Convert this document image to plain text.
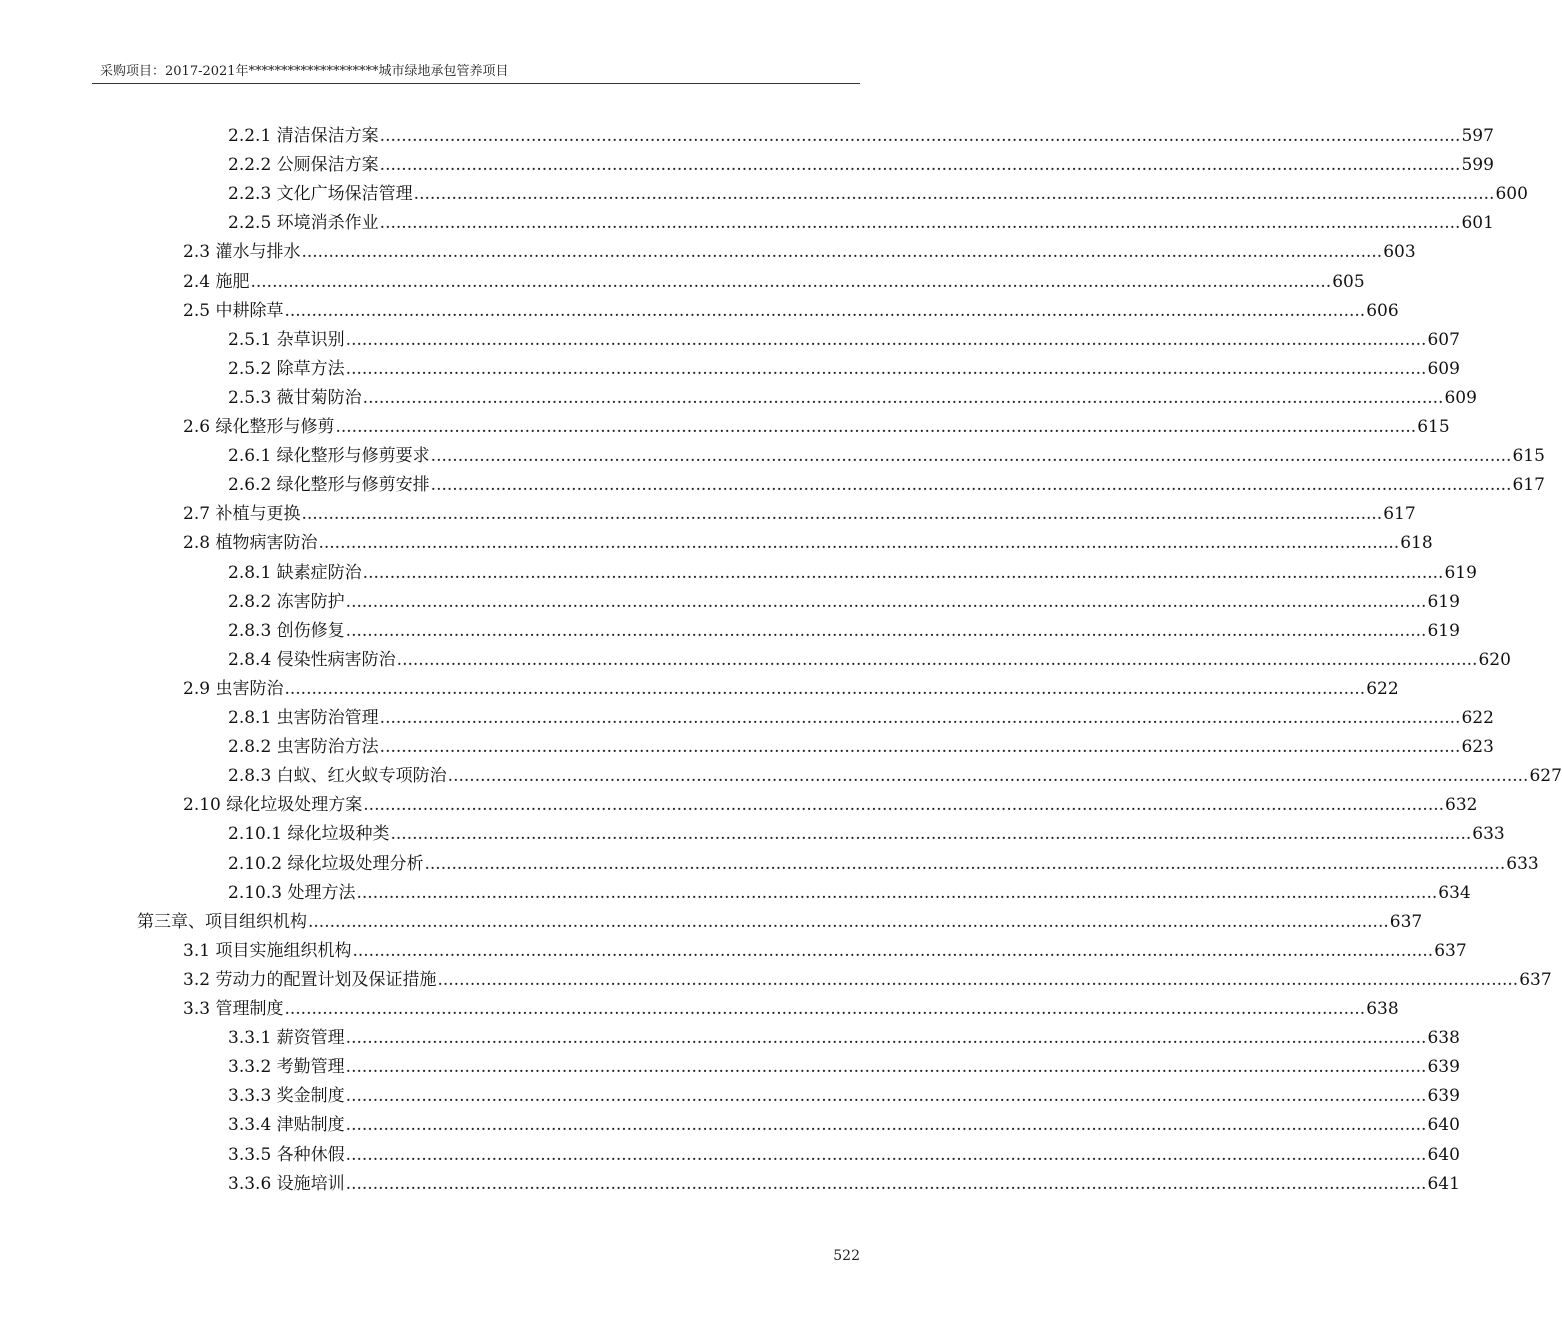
采购项目：2017-2021年********************城市绿地承包管养项目
2.2.1 清洁保洁方案 ........................................................................................................................................................................................................ 597
2.2.2 公厕保洁方案 ........................................................................................................................................................................................................ 599
2.2.3 文化广场保洁管理 ........................................................................................................................................................................................................ 600
2.2.5 环境消杀作业 ........................................................................................................................................................................................................ 601
2.3 灌水与排水 ........................................................................................................................................................................................................ 603
2.4 施肥 ........................................................................................................................................................................................................ 605
2.5 中耕除草 ........................................................................................................................................................................................................ 606
2.5.1 杂草识别 ........................................................................................................................................................................................................ 607
2.5.2 除草方法 ........................................................................................................................................................................................................ 609
2.5.3 薇甘菊防治 ........................................................................................................................................................................................................ 609
2.6 绿化整形与修剪 ........................................................................................................................................................................................................ 615
2.6.1 绿化整形与修剪要求 ........................................................................................................................................................................................................ 615
2.6.2 绿化整形与修剪安排 ........................................................................................................................................................................................................ 617
2.7 补植与更换 ........................................................................................................................................................................................................ 617
2.8 植物病害防治 ........................................................................................................................................................................................................ 618
2.8.1 缺素症防治 ........................................................................................................................................................................................................ 619
2.8.2 冻害防护 ........................................................................................................................................................................................................ 619
2.8.3 创伤修复 ........................................................................................................................................................................................................ 619
2.8.4 侵染性病害防治 ........................................................................................................................................................................................................ 620
2.9 虫害防治 ........................................................................................................................................................................................................ 622
2.8.1 虫害防治管理 ........................................................................................................................................................................................................ 622
2.8.2 虫害防治方法 ........................................................................................................................................................................................................ 623
2.8.3 白蚁、红火蚁专项防治 ........................................................................................................................................................................................................ 627
2.10 绿化垃圾处理方案 ........................................................................................................................................................................................................ 632
2.10.1 绿化垃圾种类 ........................................................................................................................................................................................................ 633
2.10.2 绿化垃圾处理分析 ........................................................................................................................................................................................................ 633
2.10.3 处理方法 ........................................................................................................................................................................................................ 634
第三章、项目组织机构 ........................................................................................................................................................................................................ 637
3.1 项目实施组织机构 ........................................................................................................................................................................................................ 637
3.2 劳动力的配置计划及保证措施 ........................................................................................................................................................................................................ 637
3.3 管理制度 ........................................................................................................................................................................................................ 638
3.3.1 薪资管理 ........................................................................................................................................................................................................ 638
3.3.2 考勤管理 ........................................................................................................................................................................................................ 639
3.3.3 奖金制度 ........................................................................................................................................................................................................ 639
3.3.4 津贴制度 ........................................................................................................................................................................................................ 640
3.3.5 各种休假 ........................................................................................................................................................................................................ 640
3.3.6 设施培训 ........................................................................................................................................................................................................ 641
522
